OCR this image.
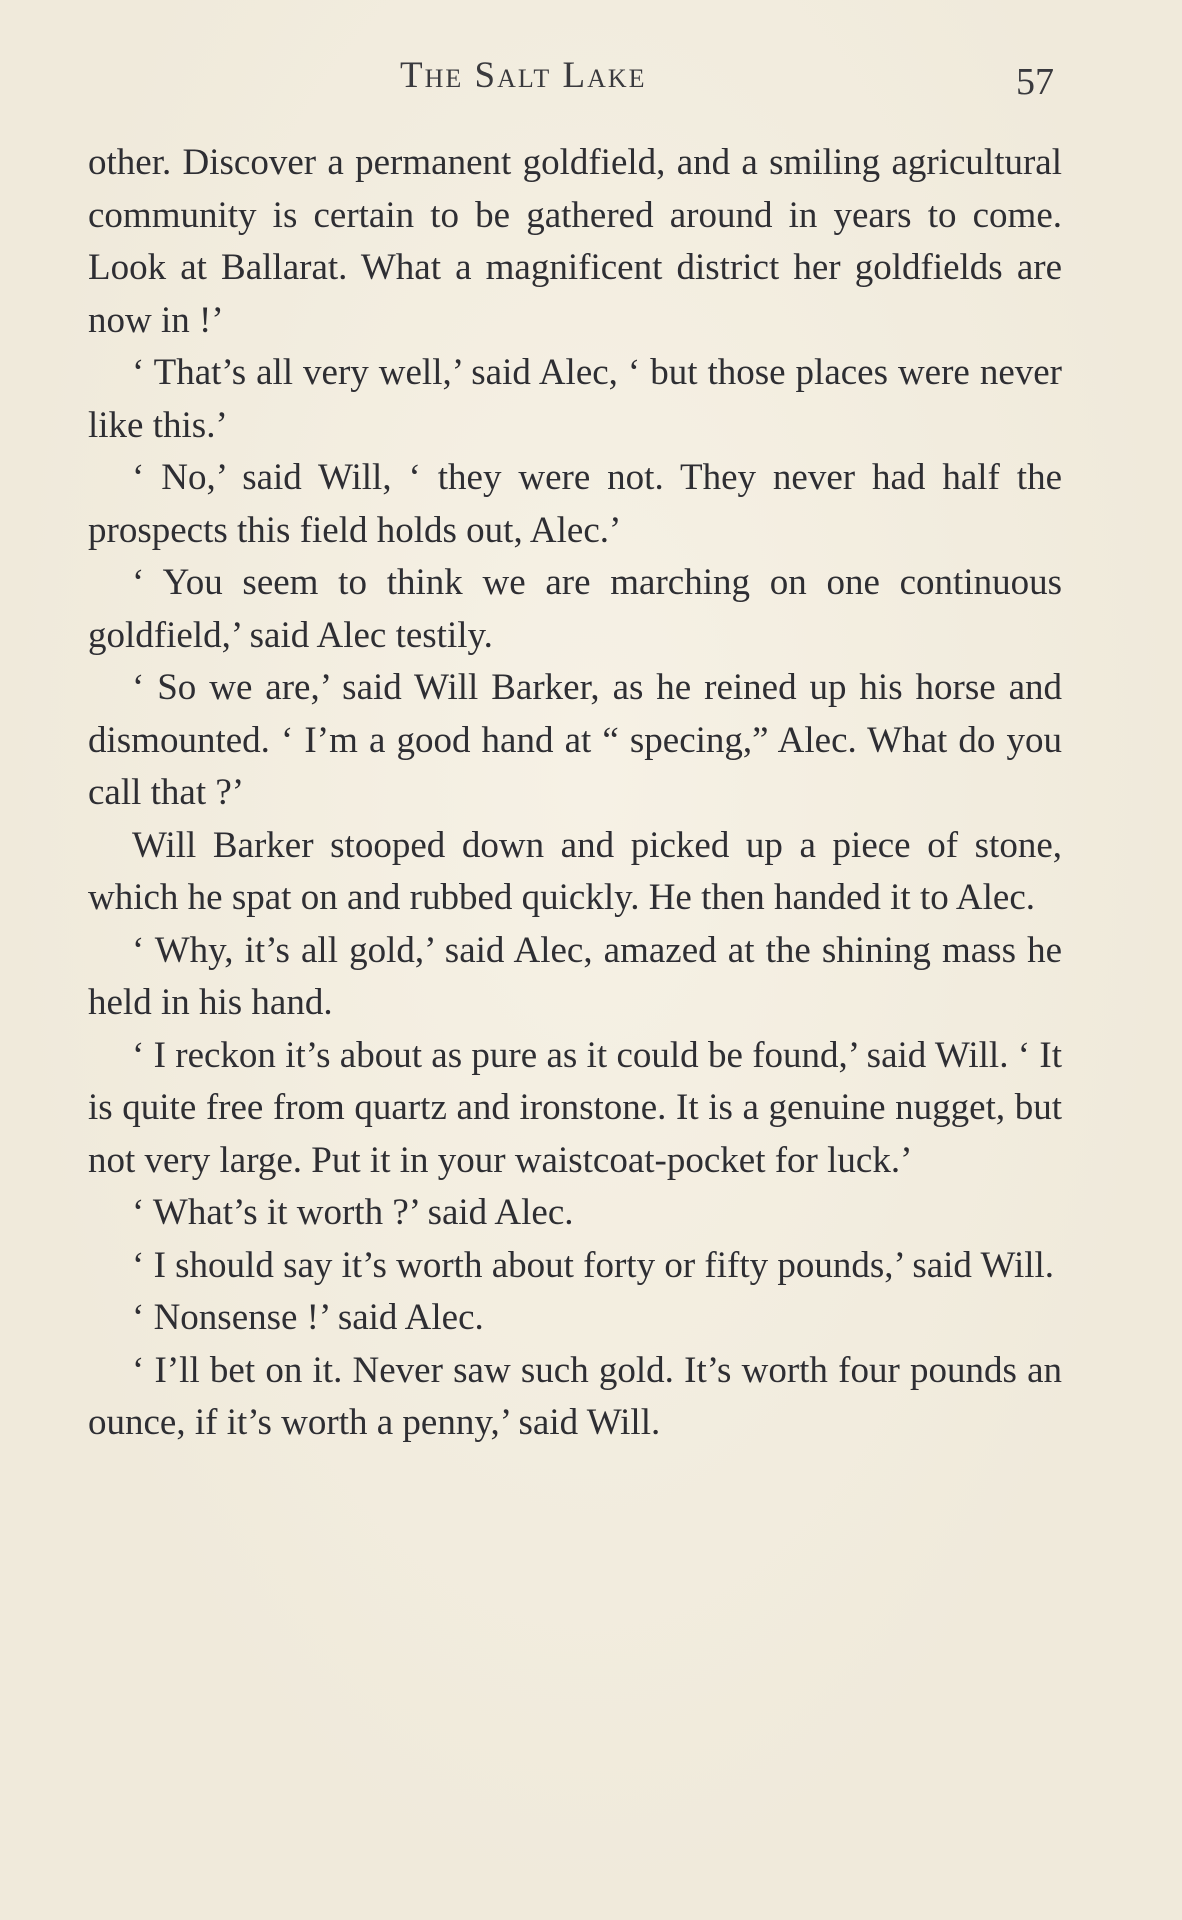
The Salt Lake	57

other. Discover a permanent goldfield, and a smiling agricultural community is certain to be gathered around in years to come. Look at Ballarat. What a magnificent district her goldfields are now in !’

‘ That’s all very well,’ said Alec, ‘ but those places were never like this.’

‘ No,’ said Will, ‘ they were not. They never had half the prospects this field holds out, Alec.’

‘ You seem to think we are marching on one continuous goldfield,’ said Alec testily.

‘ So we are,’ said Will Barker, as he reined up his horse and dismounted. ‘ I’m a good hand at “ specing,” Alec. What do you call that ?’

Will Barker stooped down and picked up a piece of stone, which he spat on and rubbed quickly. He then handed it to Alec.

‘ Why, it’s all gold,’ said Alec, amazed at the shining mass he held in his hand.

‘ I reckon it’s about as pure as it could be found,’ said Will. ‘ It is quite free from quartz and ironstone. It is a genuine nugget, but not very large. Put it in your waistcoat-pocket for luck.’

‘ What’s it worth ?’ said Alec.

‘ I should say it’s worth about forty or fifty pounds,’ said Will.

‘ Nonsense !’ said Alec.

‘ I’ll bet on it. Never saw such gold. It’s worth four pounds an ounce, if it’s worth a penny,’ said Will.
